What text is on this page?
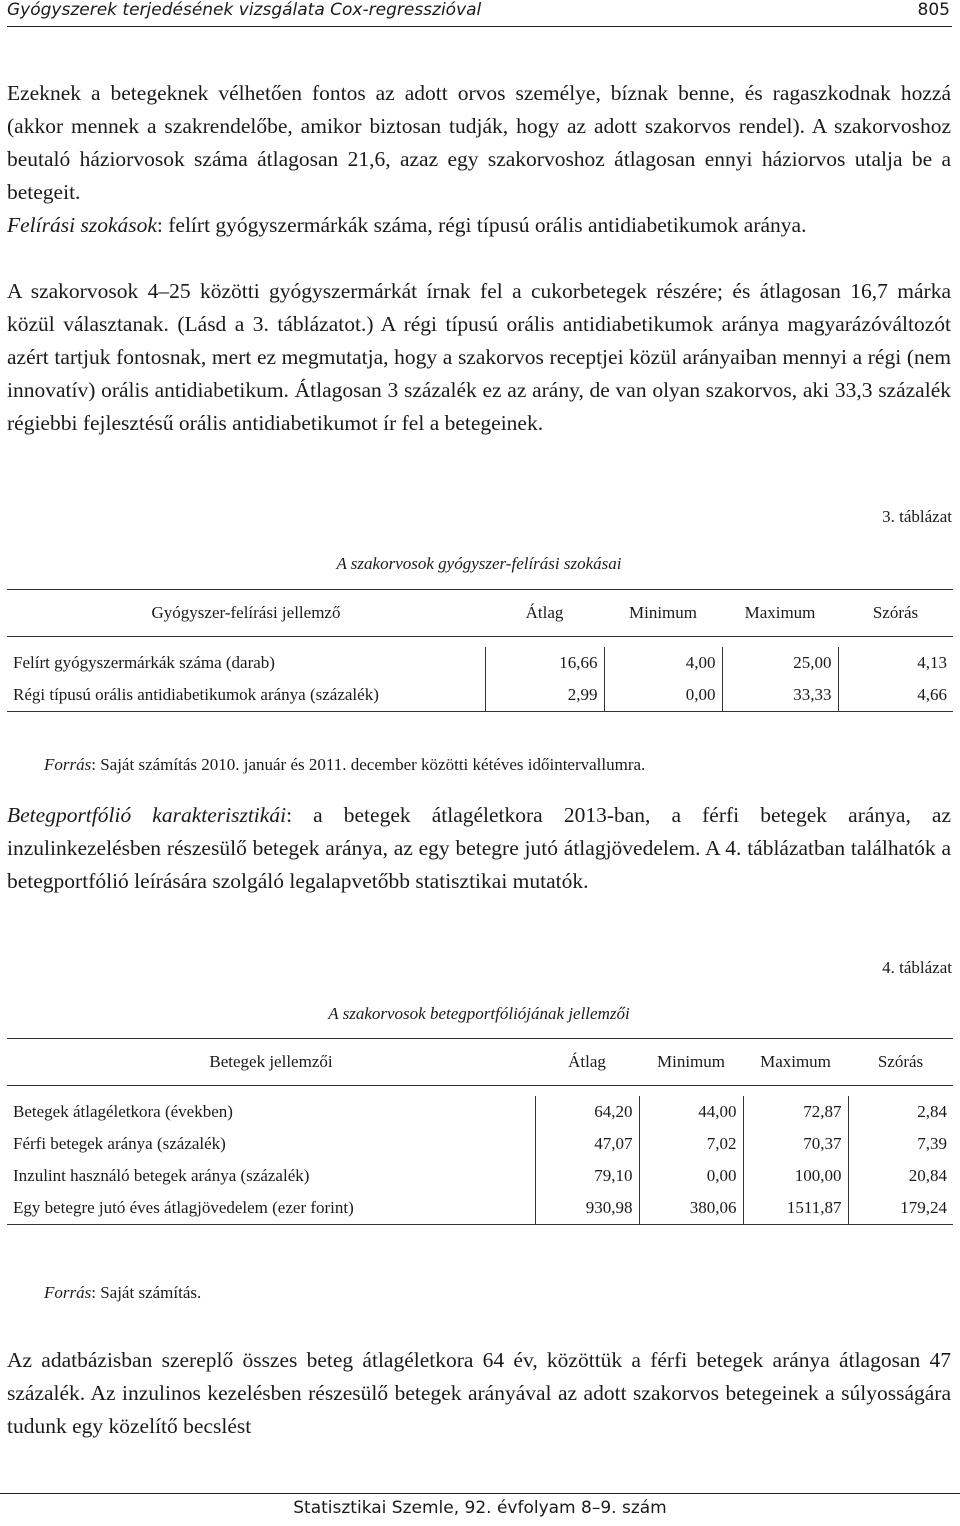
Gyógyszerek terjedésének vizsgálata Cox-regresszióval	805

Ezeknek a betegeknek vélhetően fontos az adott orvos személye, bíznak benne, és ragaszkodnak hozzá (akkor mennek a szakrendelőbe, amikor biztosan tudják, hogy az adott szakorvos rendel). A szakorvoshoz beutaló háziorvosok száma átlagosan 21,6, azaz egy szakorvoshoz átlagosan ennyi háziorvos utalja be a betegeit.

Felírási szokások: felírt gyógyszermárkák száma, régi típusú orális antidiabetikumok aránya.

A szakorvosok 4–25 közötti gyógyszermárkát írnak fel a cukorbetegek részére; és átlagosan 16,7 márka közül választanak. (Lásd a 3. táblázatot.) A régi típusú orális antidiabetikumok aránya magyarázóváltozót azért tartjuk fontosnak, mert ez megmutatja, hogy a szakorvos receptjei közül arányaiban mennyi a régi (nem innovatív) orális antidiabetikum. Átlagosan 3 százalék ez az arány, de van olyan szakorvos, aki 33,3 százalék régiebbi fejlesztésű orális antidiabetikumot ír fel a betegeinek.

3. táblázat
A szakorvosok gyógyszer-felírási szokásai
Gyógyszer-felírási jellemző	Átlag	Minimum	Maximum	Szórás

Felírt gyógyszermárkák száma (darab)	16,66	4,00	25,00	4,13
Régi típusú orális antidiabetikumok aránya (százalék)	2,99	0,00	33,33	4,66
Forrás: Saját számítás 2010. január és 2011. december közötti kétéves időintervallumra.

Betegportfólió karakterisztikái: a betegek átlagéletkora 2013-ban, a férfi betegek aránya, az inzulinkezelésben részesülő betegek aránya, az egy betegre jutó átlagjövedelem. A 4. táblázatban találhatók a betegportfólió leírására szolgáló legalapvetőbb statisztikai mutatók.

4. táblázat
A szakorvosok betegportfóliójának jellemzői
Betegek jellemzői	Átlag	Minimum	Maximum	Szórás

Betegek átlagéletkora (években)	64,20	44,00	72,87	2,84
Férfi betegek aránya (százalék)	47,07	7,02	70,37	7,39
Inzulint használó betegek aránya (százalék)	79,10	0,00	100,00	20,84
Egy betegre jutó éves átlagjövedelem (ezer forint)	930,98	380,06	1511,87	179,24
Forrás: Saját számítás.

Az adatbázisban szereplő összes beteg átlagéletkora 64 év, közöttük a férfi betegek aránya átlagosan 47 százalék. Az inzulinos kezelésben részesülő betegek arányával az adott szakorvos betegeinek a súlyosságára tudunk egy közelítő becslést

Statisztikai Szemle, 92. évfolyam 8–9. szám
